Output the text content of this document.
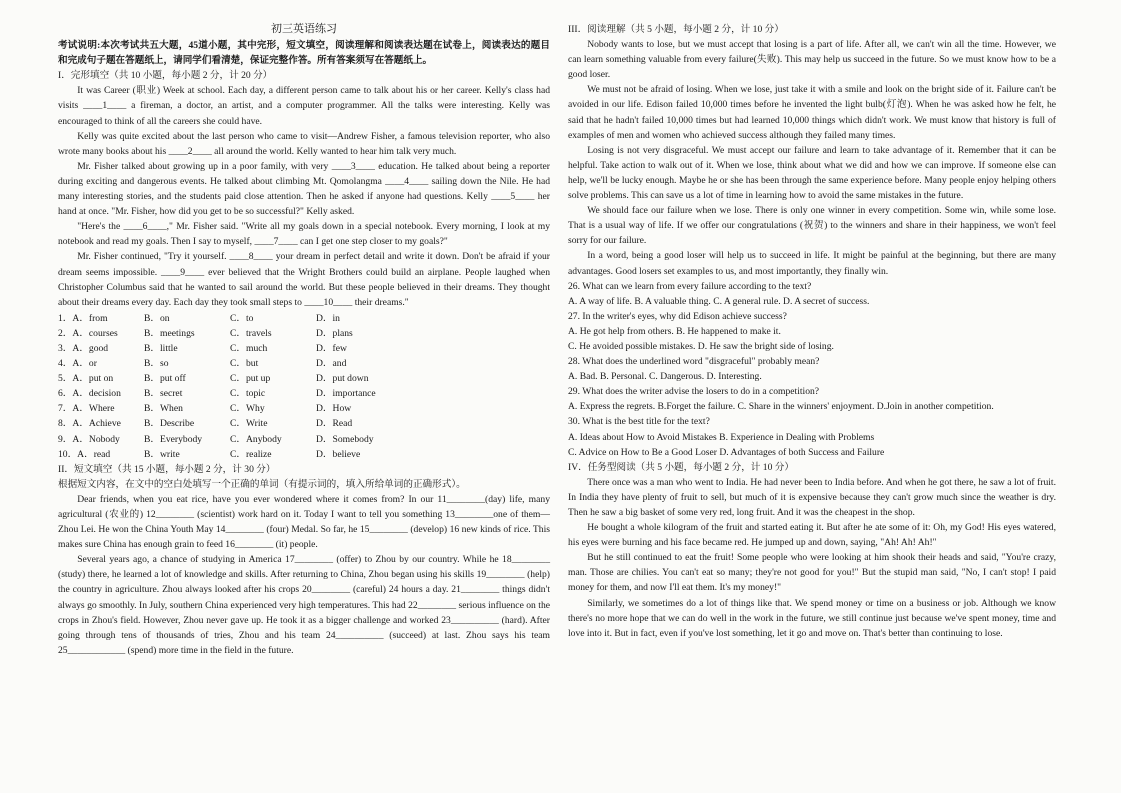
初三英语练习

考试说明:本次考试共五大题，45道小题，其中完形，短文填空，阅读理解和阅读表达题在试卷上，阅读表达的题目和完成句子题在答题纸上，请同学们看清楚，保证完整作答。所有答案须写在答题纸上。

I．完形填空（共 10 小题，每小题 2 分，计 20 分）

It was Career (职业) Week at school. Each day, a different person came to talk about his or her career. Kelly's class had visits ____1____ a fireman, a doctor, an artist, and a computer programmer. All the talks were interesting. Kelly was encouraged to think of all the careers she could have.

Kelly was quite excited about the last person who came to visit—Andrew Fisher, a famous television reporter, who also wrote many books about his ____2____ all around the world. Kelly wanted to hear him talk very much.

Mr. Fisher talked about growing up in a poor family, with very ____3____ education. He talked about being a reporter during exciting and dangerous events. He talked about climbing Mt. Qomolangma ____4____ sailing down the Nile. He had many interesting stories, and the students paid close attention. Then he asked if anyone had questions. Kelly ____5____ her hand at once. "Mr. Fisher, how did you get to be so successful?" Kelly asked.

"Here's the ____6____," Mr. Fisher said. "Write all my goals down in a special notebook. Every morning, I look at my notebook and read my goals. Then I say to myself, ____7____ can I get one step closer to my goals?"

Mr. Fisher continued, "Try it yourself. ____8____ your dream in perfect detail and write it down. Don't be afraid if your dream seems impossible. ____9____ ever believed that the Wright Brothers could build an airplane. People laughed when Christopher Columbus said that he wanted to sail around the world. But these people believed in their dreams. They thought about their dreams every day. Each day they took small steps to ____10____ their dreams."

1．A．from	B．on	C．to	D．in
2．A．courses	B．meetings	C．travels	D．plans
3．A．good	B．little	C．much	D．few
4．A．or	B．so	C．but	D．and
5．A．put on	B．put off	C．put up	D．put down
6．A．decision	B．secret	C．topic	D．importance
7．A．Where	B．When	C．Why	D．How
8．A．Achieve	B．Describe	C．Write	D．Read
9．A．Nobody	B．Everybody	C．Anybody	D．Somebody
10．A．read	B．write	C．realize	D．believe

II．短文填空（共 15 小题，每小题 2 分，计 30 分）

根据短文内容，在文中的空白处填写一个正确的单词（有提示词的，填入所给单词的正确形式）。

Dear friends, when you eat rice, have you ever wondered where it comes from? In our 11________(day) life, many agricultural (农业的) 12________ (scientist) work hard on it. Today I want to tell you something 13________one of them—Zhou Lei. He won the China Youth May 14________ (four) Medal. So far, he 15________ (develop) 16 new kinds of rice. This makes sure China has enough grain to feed 16________ (it) people.

Several years ago, a chance of studying in America 17________ (offer) to Zhou by our country. While he 18________ (study) there, he learned a lot of knowledge and skills. After returning to China, Zhou began using his skills 19________ (help) the country in agriculture. Zhou always looked after his crops 20________ (careful) 24 hours a day. 21________ things didn't always go smoothly. In July, southern China experienced very high temperatures. This had 22________ serious influence on the crops in Zhou's field. However, Zhou never gave up. He took it as a bigger challenge and worked 23__________ (hard). After going through tens of thousands of tries, Zhou and his team 24__________ (succeed) at last. Zhou says his team 25____________ (spend) more time in the field in the future.

III．阅读理解（共 5 小题，每小题 2 分，计 10 分）

Nobody wants to lose, but we must accept that losing is a part of life. After all, we can't win all the time. However, we can learn something valuable from every failure(失败). This may help us succeed in the future. So we must know how to be a good loser.

We must not be afraid of losing. When we lose, just take it with a smile and look on the bright side of it. Failure can't be avoided in our life. Edison failed 10,000 times before he invented the light bulb(灯泡). When he was asked how he felt, he said that he hadn't failed 10,000 times but had learned 10,000 things which didn't work. We must know that history is full of examples of men and women who achieved success although they failed many times.

Losing is not very disgraceful. We must accept our failure and learn to take advantage of it. Remember that it can be helpful. Take action to walk out of it. When we lose, think about what we did and how we can improve. If someone else can help, we'll be lucky enough. Maybe he or she has been through the same experience before. Many people enjoy helping others solve problems. This can save us a lot of time in learning how to avoid the same mistakes in the future.

We should face our failure when we lose. There is only one winner in every competition. Some win, while some lose. That is a usual way of life. If we offer our congratulations (祝贺) to the winners and share in their happiness, we won't feel sorry for our failure.

In a word, being a good loser will help us to succeed in life. It might be painful at the beginning, but there are many advantages. Good losers set examples to us, and most importantly, they finally win.

26. What can we learn from every failure according to the text?

A. A way of life. B. A valuable thing. C. A general rule. D. A secret of success.

27. In the writer's eyes, why did Edison achieve success?

A. He got help from others. B. He happened to make it.

C. He avoided possible mistakes. D. He saw the bright side of losing.

28. What does the underlined word "disgraceful" probably mean?

A. Bad. B. Personal. C. Dangerous. D. Interesting.

29. What does the writer advise the losers to do in a competition?

A. Express the regrets. B.Forget the failure. C. Share in the winners' enjoyment. D.Join in another competition.

30. What is the best title for the text?

A. Ideas about How to Avoid Mistakes B. Experience in Dealing with Problems

C. Advice on How to Be a Good Loser D. Advantages of both Success and Failure

IV．任务型阅读（共 5 小题，每小题 2 分，计 10 分）

There once was a man who went to India. He had never been to India before. And when he got there, he saw a lot of fruit. In India they have plenty of fruit to sell, but much of it is expensive because they can't grow much since the weather is dry. Then he saw a big basket of some very red, long fruit. And it was the cheapest in the shop.

He bought a whole kilogram of the fruit and started eating it. But after he ate some of it: Oh, my God! His eyes watered, his eyes were burning and his face became red. He jumped up and down, saying, "Ah! Ah! Ah!"

But he still continued to eat the fruit! Some people who were looking at him shook their heads and said, "You're crazy, man. Those are chilies. You can't eat so many; they're not good for you!" But the stupid man said, "No, I can't stop! I paid money for them, and now I'll eat them. It's my money!"

Similarly, we sometimes do a lot of things like that. We spend money or time on a business or job. Although we know there's no more hope that we can do well in the work in the future, we still continue just because we've spent money, time and love into it. But in fact, even if you've lost something, let it go and move on. That's better than continuing to lose.
